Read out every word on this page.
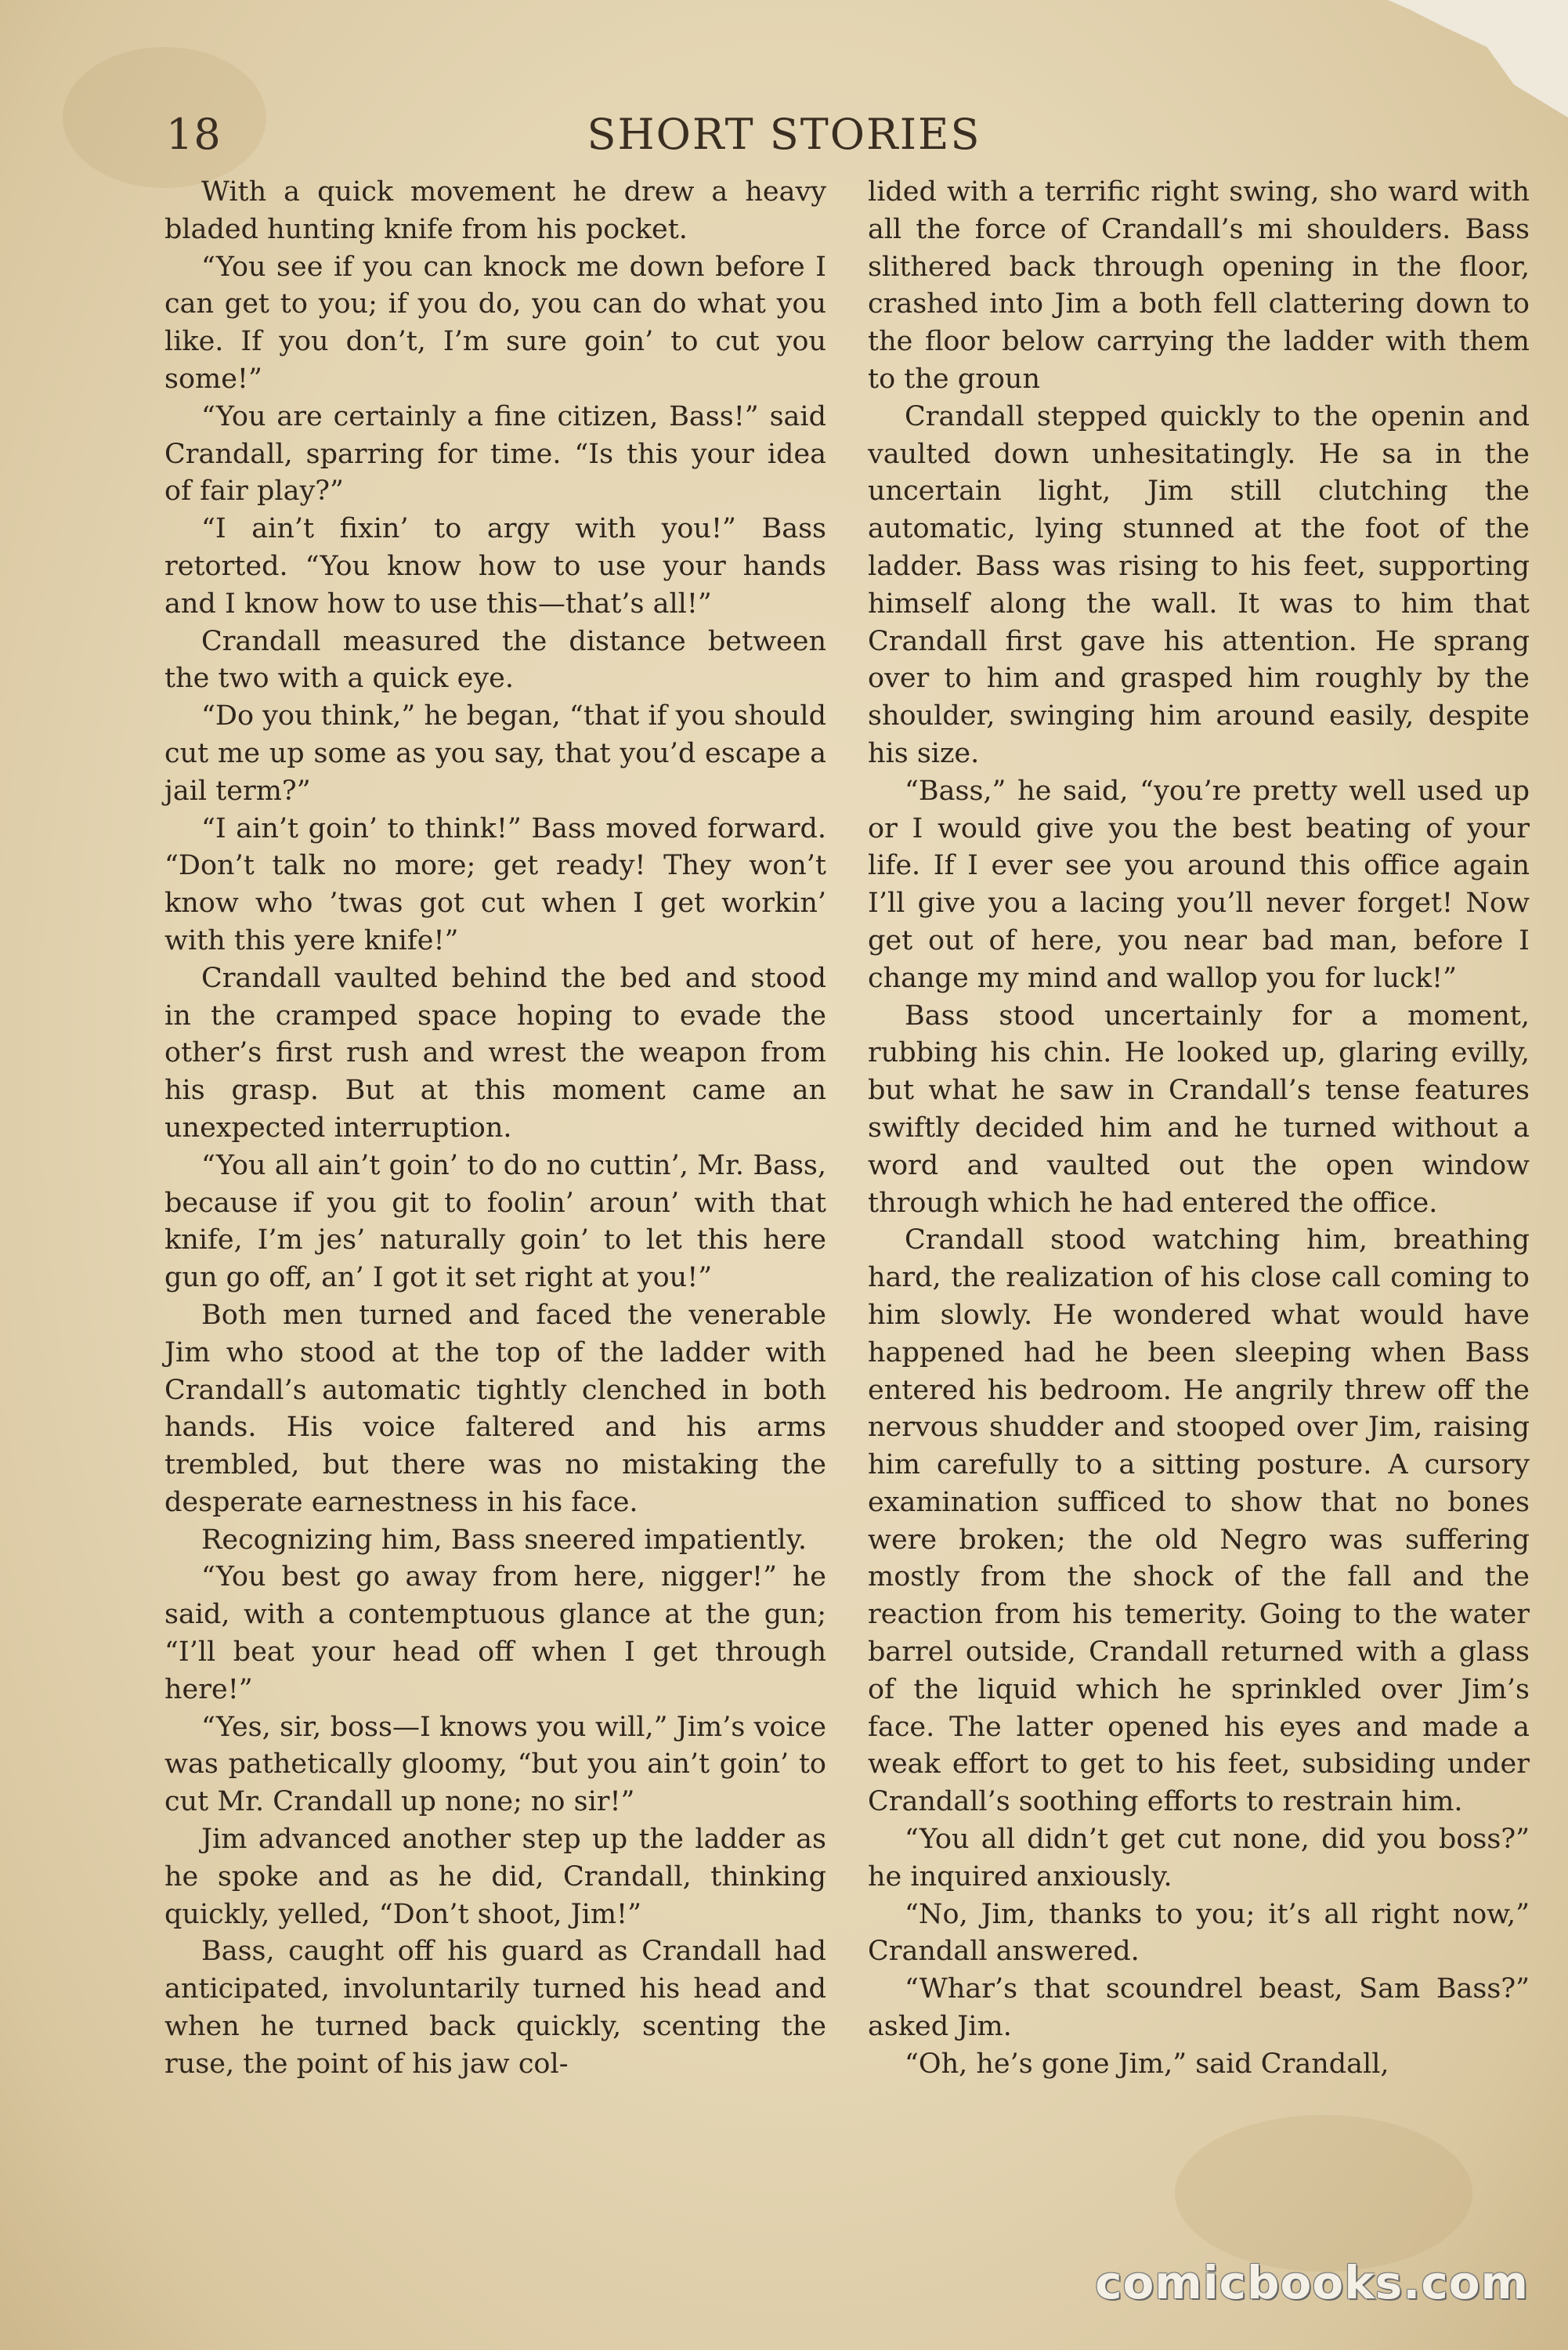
18	SHORT STORIES

With a quick movement he drew a heavy bladed hunting knife from his pocket.

“You see if you can knock me down before I can get to you; if you do, you can do what you like. If you don’t, I’m sure goin’ to cut you some!”

“You are certainly a fine citizen, Bass!” said Crandall, sparring for time. “Is this your idea of fair play?”

“I ain’t fixin’ to argy with you!” Bass retorted. “You know how to use your hands and I know how to use this—that’s all!”

Crandall measured the distance between the two with a quick eye.

“Do you think,” he began, “that if you should cut me up some as you say, that you’d escape a jail term?”

“I ain’t goin’ to think!” Bass moved forward. “Don’t talk no more; get ready! They won’t know who ’twas got cut when I get workin’ with this yere knife!”

Crandall vaulted behind the bed and stood in the cramped space hoping to evade the other’s first rush and wrest the weapon from his grasp. But at this moment came an unexpected interruption.

“You all ain’t goin’ to do no cuttin’, Mr. Bass, because if you git to foolin’ aroun’ with that knife, I’m jes’ naturally goin’ to let this here gun go off, an’ I got it set right at you!”

Both men turned and faced the venerable Jim who stood at the top of the ladder with Crandall’s automatic tightly clenched in both hands. His voice faltered and his arms trembled, but there was no mistaking the desperate earnestness in his face.

Recognizing him, Bass sneered impatiently.

“You best go away from here, nigger!” he said, with a contemptuous glance at the gun; “I’ll beat your head off when I get through here!”

“Yes, sir, boss—I knows you will,” Jim’s voice was pathetically gloomy, “but you ain’t goin’ to cut Mr. Crandall up none; no sir!”

Jim advanced another step up the ladder as he spoke and as he did, Crandall, thinking quickly, yelled, “Don’t shoot, Jim!”

Bass, caught off his guard as Crandall had anticipated, involuntarily turned his head and when he turned back quickly, scenting the ruse, the point of his jaw col-

lided with a terrific right swing, sho ward with all the force of Crandall’s mi shoulders. Bass slithered back through opening in the floor, crashed into Jim a both fell clattering down to the floor below carrying the ladder with them to the groun

Crandall stepped quickly to the openin and vaulted down unhesitatingly. He sa in the uncertain light, Jim still clutching the automatic, lying stunned at the foot of the ladder. Bass was rising to his feet, supporting himself along the wall. It was to him that Crandall first gave his attention. He sprang over to him and grasped him roughly by the shoulder, swinging him around easily, despite his size.

“Bass,” he said, “you’re pretty well used up or I would give you the best beating of your life. If I ever see you around this office again I’ll give you a lacing you’ll never forget! Now get out of here, you near bad man, before I change my mind and wallop you for luck!”

Bass stood uncertainly for a moment, rubbing his chin. He looked up, glaring evilly, but what he saw in Crandall’s tense features swiftly decided him and he turned without a word and vaulted out the open window through which he had entered the office.

Crandall stood watching him, breathing hard, the realization of his close call coming to him slowly. He wondered what would have happened had he been sleeping when Bass entered his bedroom. He angrily threw off the nervous shudder and stooped over Jim, raising him carefully to a sitting posture. A cursory examination sufficed to show that no bones were broken; the old Negro was suffering mostly from the shock of the fall and the reaction from his temerity. Going to the water barrel outside, Crandall returned with a glass of the liquid which he sprinkled over Jim’s face. The latter opened his eyes and made a weak effort to get to his feet, subsiding under Crandall’s soothing efforts to restrain him.

“You all didn’t get cut none, did you boss?” he inquired anxiously.

“No, Jim, thanks to you; it’s all right now,” Crandall answered.

“Whar’s that scoundrel beast, Sam Bass?” asked Jim.

“Oh, he’s gone Jim,” said Crandall,

comicbooks.com
